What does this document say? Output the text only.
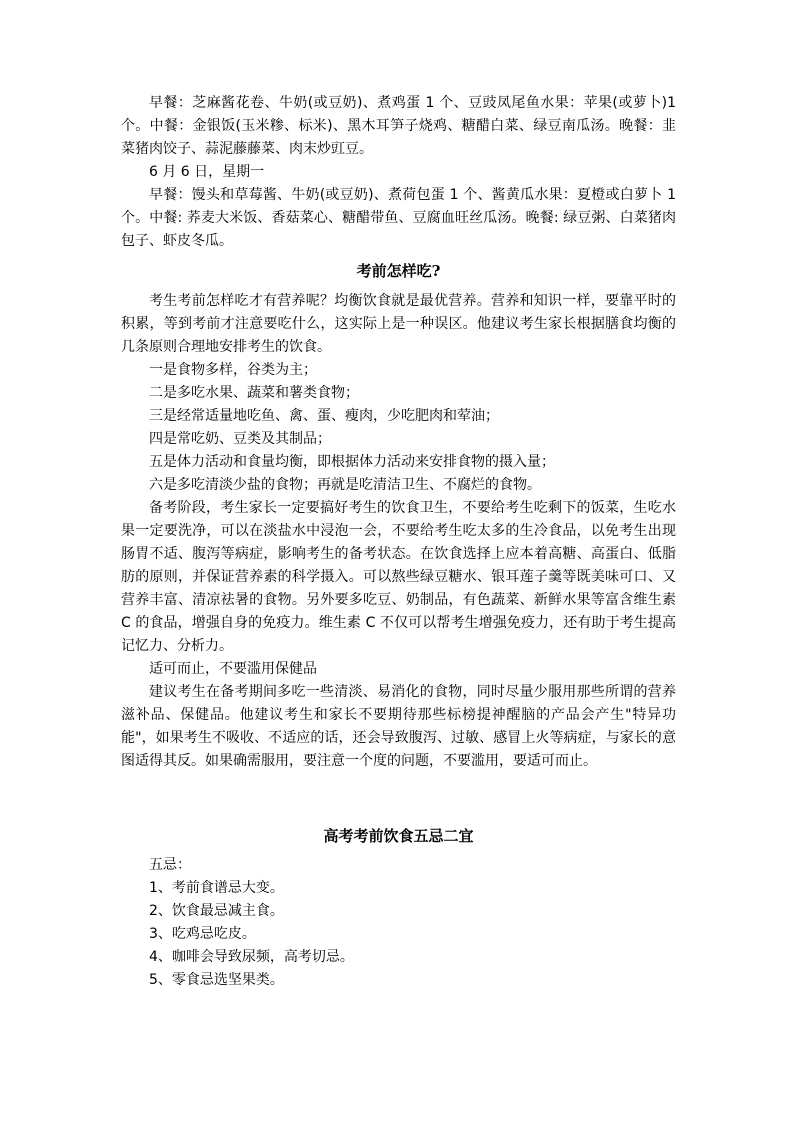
早餐：芝麻酱花卷、牛奶(或豆奶)、煮鸡蛋 1 个、豆豉凤尾鱼水果：苹果(或萝卜)1 个。中餐：金银饭(玉米糁、标米)、黑木耳笋子烧鸡、糖醋白菜、绿豆南瓜汤。晚餐：韭菜猪肉饺子、蒜泥藤藤菜、肉末炒豇豆。

6 月 6 日，星期一

早餐：馒头和草莓酱、牛奶(或豆奶)、煮荷包蛋 1 个、酱黄瓜水果：夏橙或白萝卜 1 个。中餐: 荞麦大米饭、香菇菜心、糖醋带鱼、豆腐血旺丝瓜汤。晚餐: 绿豆粥、白菜猪肉包子、虾皮冬瓜。

考前怎样吃?

考生考前怎样吃才有营养呢？均衡饮食就是最优营养。营养和知识一样，要靠平时的积累，等到考前才注意要吃什么，这实际上是一种误区。他建议考生家长根据膳食均衡的几条原则合理地安排考生的饮食。

一是食物多样，谷类为主；

二是多吃水果、蔬菜和薯类食物；

三是经常适量地吃鱼、禽、蛋、瘦肉，少吃肥肉和荤油；

四是常吃奶、豆类及其制品；

五是体力活动和食量均衡，即根据体力活动来安排食物的摄入量；

六是多吃清淡少盐的食物；再就是吃清洁卫生、不腐烂的食物。

备考阶段，考生家长一定要搞好考生的饮食卫生，不要给考生吃剩下的饭菜，生吃水果一定要洗净，可以在淡盐水中浸泡一会，不要给考生吃太多的生冷食品，以免考生出现肠胃不适、腹泻等病症，影响考生的备考状态。在饮食选择上应本着高糖、高蛋白、低脂肪的原则，并保证营养素的科学摄入。可以熬些绿豆糖水、银耳莲子羹等既美味可口、又营养丰富、清凉祛暑的食物。另外要多吃豆、奶制品，有色蔬菜、新鲜水果等富含维生素 C 的食品，增强自身的免疫力。维生素 C 不仅可以帮考生增强免疫力，还有助于考生提高记忆力、分析力。

适可而止，不要滥用保健品

建议考生在备考期间多吃一些清淡、易消化的食物，同时尽量少服用那些所谓的营养滋补品、保健品。他建议考生和家长不要期待那些标榜提神醒脑的产品会产生"特异功能"，如果考生不吸收、不适应的话，还会导致腹泻、过敏、感冒上火等病症，与家长的意图适得其反。如果确需服用，要注意一个度的问题，不要滥用，要适可而止。

高考考前饮食五忌二宜

五忌：

1、考前食谱忌大变。

2、饮食最忌减主食。

3、吃鸡忌吃皮。

4、咖啡会导致尿频，高考切忌。

5、零食忌选坚果类。
